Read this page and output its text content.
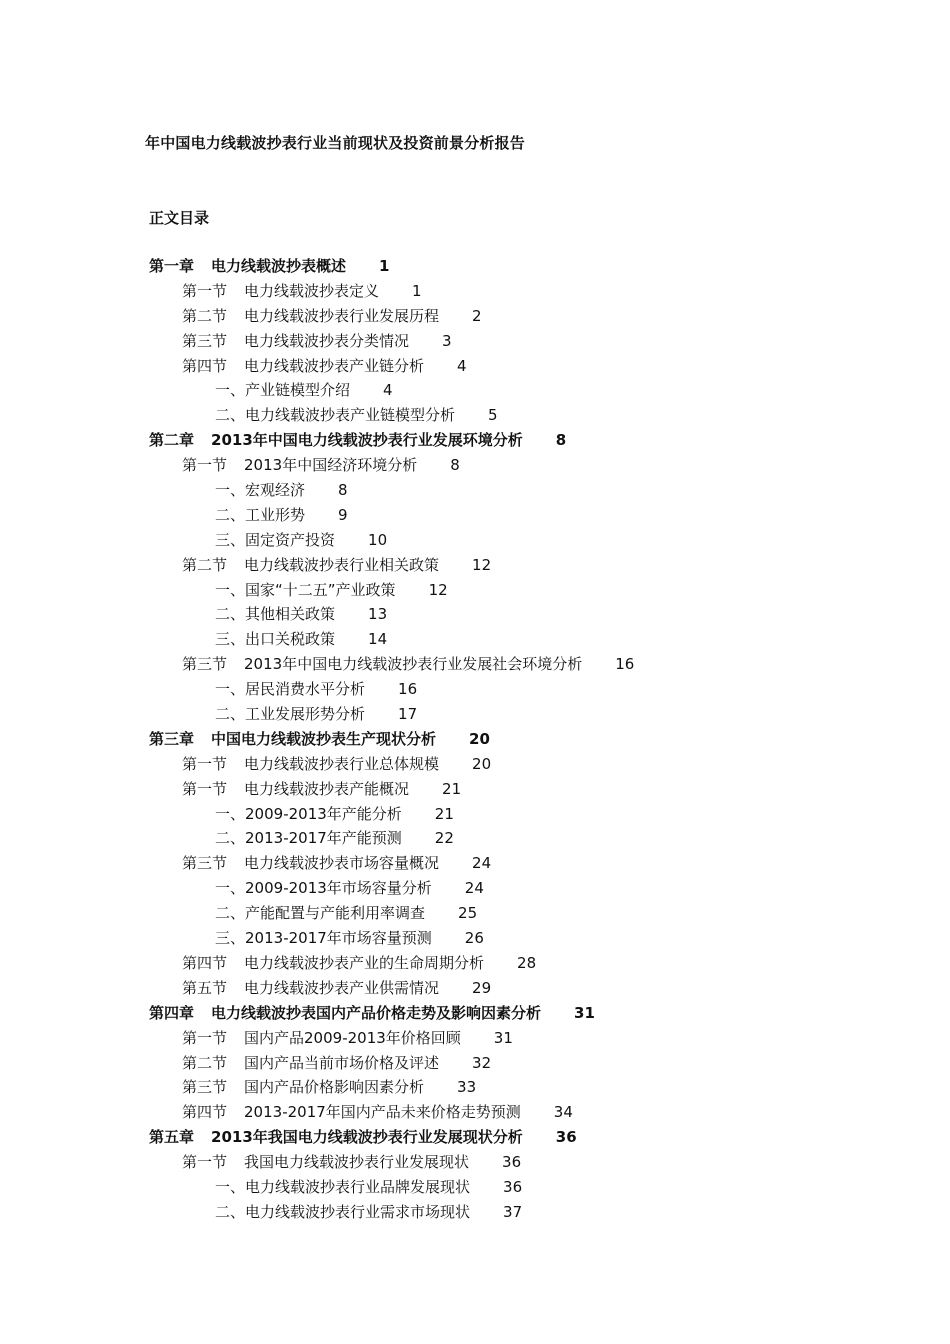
年中国电力线载波抄表行业当前现状及投资前景分析报告
正文目录
第一章 电力线载波抄表概述 1
第一节 电力线载波抄表定义 1
第二节 电力线载波抄表行业发展历程 2
第三节 电力线载波抄表分类情况 3
第四节 电力线载波抄表产业链分析 4
一、产业链模型介绍 4
二、电力线载波抄表产业链模型分析 5
第二章 2013年中国电力线载波抄表行业发展环境分析 8
第一节 2013年中国经济环境分析 8
一、宏观经济 8
二、工业形势 9
三、固定资产投资 10
第二节 电力线载波抄表行业相关政策 12
一、国家“十二五”产业政策 12
二、其他相关政策 13
三、出口关税政策 14
第三节 2013年中国电力线载波抄表行业发展社会环境分析 16
一、居民消费水平分析 16
二、工业发展形势分析 17
第三章 中国电力线载波抄表生产现状分析 20
第一节 电力线载波抄表行业总体规模 20
第一节 电力线载波抄表产能概况 21
一、2009-2013年产能分析 21
二、2013-2017年产能预测 22
第三节 电力线载波抄表市场容量概况 24
一、2009-2013年市场容量分析 24
二、产能配置与产能利用率调查 25
三、2013-2017年市场容量预测 26
第四节 电力线载波抄表产业的生命周期分析 28
第五节 电力线载波抄表产业供需情况 29
第四章 电力线载波抄表国内产品价格走势及影响因素分析 31
第一节 国内产品2009-2013年价格回顾 31
第二节 国内产品当前市场价格及评述 32
第三节 国内产品价格影响因素分析 33
第四节 2013-2017年国内产品未来价格走势预测 34
第五章 2013年我国电力线载波抄表行业发展现状分析 36
第一节 我国电力线载波抄表行业发展现状 36
一、电力线载波抄表行业品牌发展现状 36
二、电力线载波抄表行业需求市场现状 37
